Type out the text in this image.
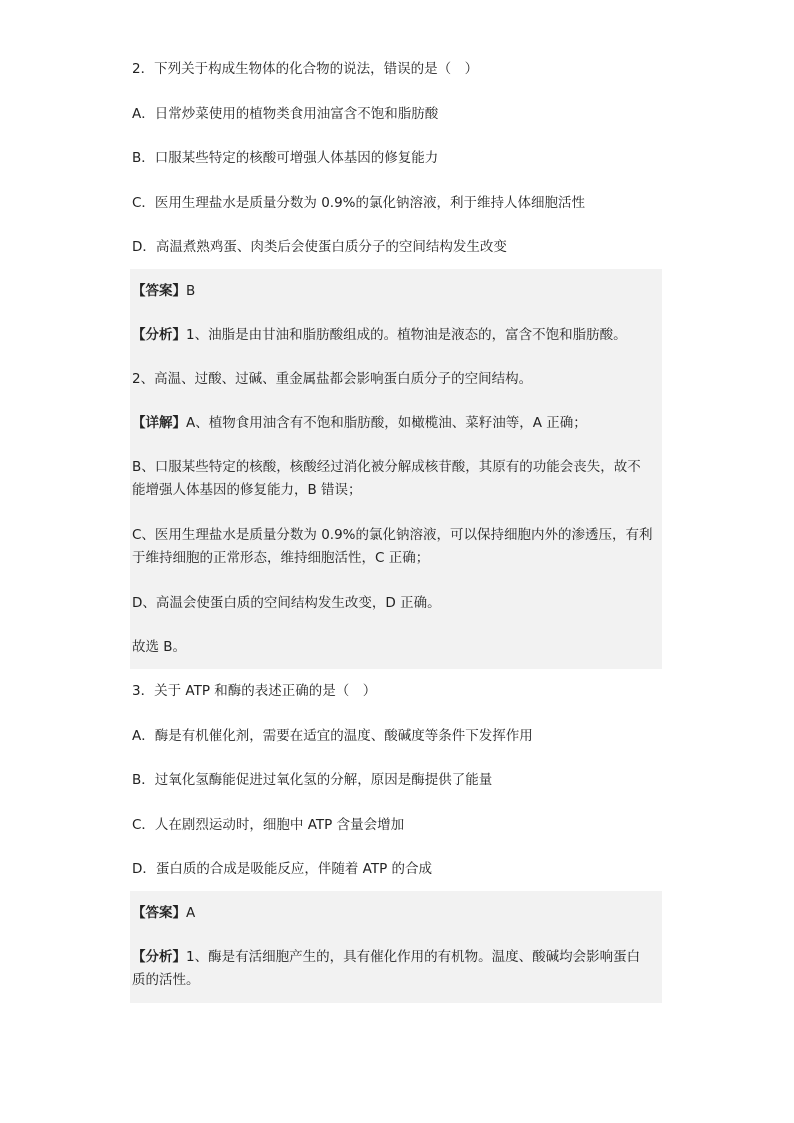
2．下列关于构成生物体的化合物的说法，错误的是（　）

A．日常炒菜使用的植物类食用油富含不饱和脂肪酸

B．口服某些特定的核酸可增强人体基因的修复能力

C．医用生理盐水是质量分数为 0.9%的氯化钠溶液，利于维持人体细胞活性

D．高温煮熟鸡蛋、肉类后会使蛋白质分子的空间结构发生改变

【答案】B

【分析】1、油脂是由甘油和脂肪酸组成的。植物油是液态的，富含不饱和脂肪酸。

2、高温、过酸、过碱、重金属盐都会影响蛋白质分子的空间结构。

【详解】A、植物食用油含有不饱和脂肪酸，如橄榄油、菜籽油等，A 正确；

B、口服某些特定的核酸，核酸经过消化被分解成核苷酸，其原有的功能会丧失，故不

能增强人体基因的修复能力，B 错误；

C、医用生理盐水是质量分数为 0.9%的氯化钠溶液，可以保持细胞内外的渗透压，有利

于维持细胞的正常形态，维持细胞活性，C 正确；

D、高温会使蛋白质的空间结构发生改变，D 正确。

故选 B。

3．关于 ATP 和酶的表述正确的是（　）

A．酶是有机催化剂，需要在适宜的温度、酸碱度等条件下发挥作用

B．过氧化氢酶能促进过氧化氢的分解，原因是酶提供了能量

C．人在剧烈运动时，细胞中 ATP 含量会增加

D．蛋白质的合成是吸能反应，伴随着 ATP 的合成

【答案】A

【分析】1、酶是有活细胞产生的，具有催化作用的有机物。温度、酸碱均会影响蛋白

质的活性。
